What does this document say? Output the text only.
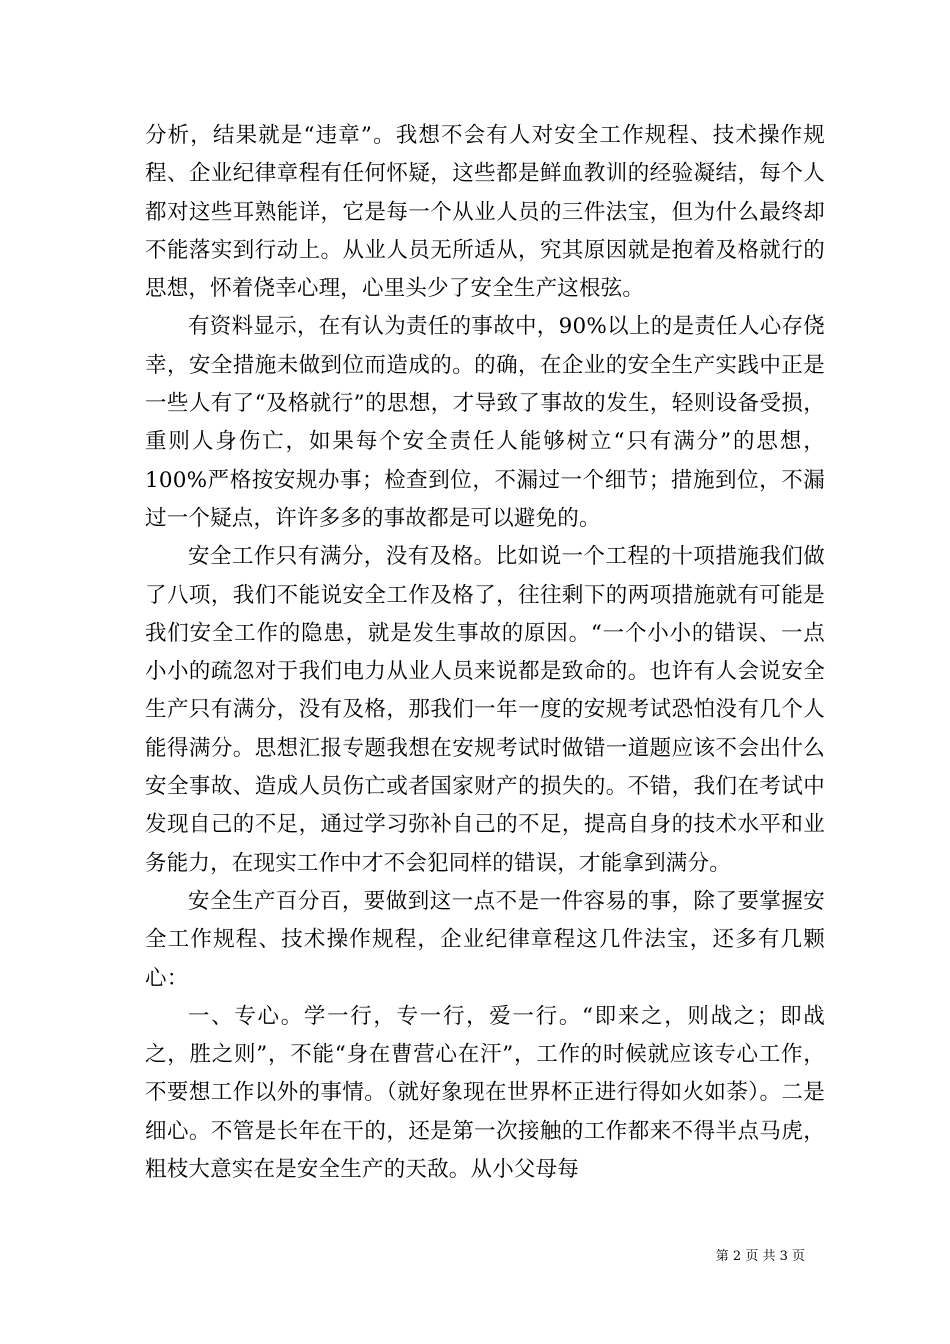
分析，结果就是“违章”。我想不会有人对安全工作规程、技术操作规程、企业纪律章程有任何怀疑，这些都是鲜血教训的经验凝结，每个人都对这些耳熟能详，它是每一个从业人员的三件法宝，但为什么最终却不能落实到行动上。从业人员无所适从，究其原因就是抱着及格就行的思想，怀着侥幸心理，心里头少了安全生产这根弦。

有资料显示，在有认为责任的事故中，90%以上的是责任人心存侥幸，安全措施未做到位而造成的。的确，在企业的安全生产实践中正是一些人有了“及格就行”的思想，才导致了事故的发生，轻则设备受损，重则人身伤亡，如果每个安全责任人能够树立“只有满分”的思想，100%严格按安规办事；检查到位，不漏过一个细节；措施到位，不漏过一个疑点，许许多多的事故都是可以避免的。

安全工作只有满分，没有及格。比如说一个工程的十项措施我们做了八项，我们不能说安全工作及格了，往往剩下的两项措施就有可能是我们安全工作的隐患，就是发生事故的原因。“一个小小的错误、一点小小的疏忽对于我们电力从业人员来说都是致命的。也许有人会说安全生产只有满分，没有及格，那我们一年一度的安规考试恐怕没有几个人能得满分。思想汇报专题我想在安规考试时做错一道题应该不会出什么安全事故、造成人员伤亡或者国家财产的损失的。不错，我们在考试中发现自己的不足，通过学习弥补自己的不足，提高自身的技术水平和业务能力，在现实工作中才不会犯同样的错误，才能拿到满分。

安全生产百分百，要做到这一点不是一件容易的事，除了要掌握安全工作规程、技术操作规程，企业纪律章程这几件法宝，还多有几颗心：

一、专心。学一行，专一行，爱一行。“即来之，则战之；即战之，胜之则”，不能“身在曹营心在汗”，工作的时候就应该专心工作，不要想工作以外的事情。（就好象现在世界杯正进行得如火如荼）。二是细心。不管是长年在干的，还是第一次接触的工作都来不得半点马虎，粗枝大意实在是安全生产的天敌。从小父母每

第 2 页 共 3 页
